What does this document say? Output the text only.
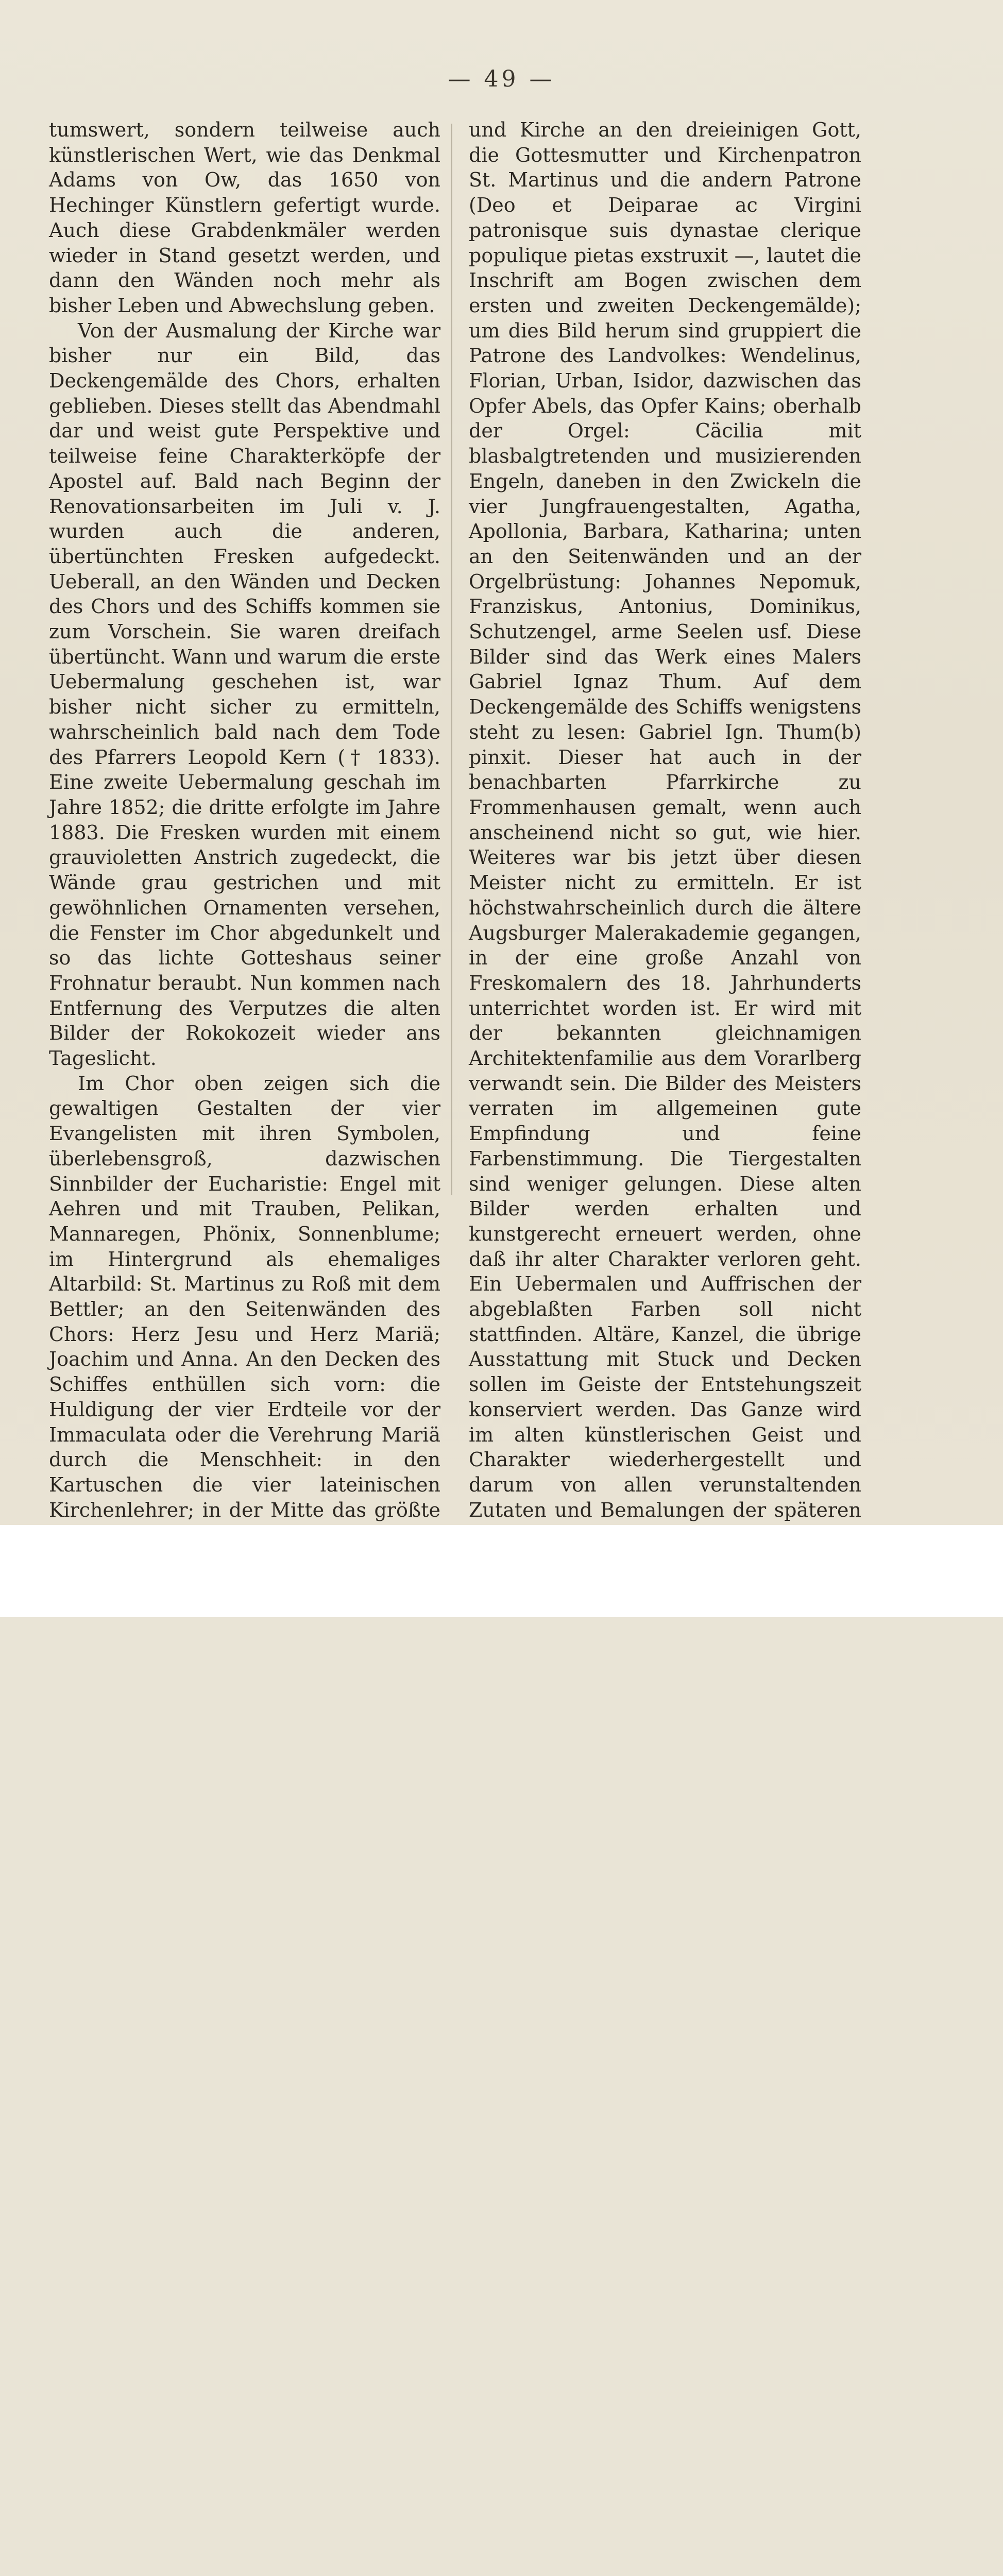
— 49 —

tumswert, sondern teilweise auch künstlerischen Wert, wie das Denkmal Adams von Ow, das 1650 von Hechinger Künstlern gefertigt wurde. Auch diese Grabdenkmäler werden wieder in Stand gesetzt werden, und dann den Wänden noch mehr als bisher Leben und Abwechslung geben.

Von der Ausmalung der Kirche war bisher nur ein Bild, das Deckengemälde des Chors, erhalten geblieben. Dieses stellt das Abendmahl dar und weist gute Perspektive und teilweise feine Charakterköpfe der Apostel auf. Bald nach Beginn der Renovationsarbeiten im Juli v. J. wurden auch die anderen, übertünchten Fresken aufgedeckt. Ueberall, an den Wänden und Decken des Chors und des Schiffs kommen sie zum Vorschein. Sie waren dreifach übertüncht. Wann und warum die erste Uebermalung geschehen ist, war bisher nicht sicher zu ermitteln, wahrscheinlich bald nach dem Tode des Pfarrers Leopold Kern († 1833). Eine zweite Uebermalung geschah im Jahre 1852; die dritte erfolgte im Jahre 1883. Die Fresken wurden mit einem grauvioletten Anstrich zugedeckt, die Wände grau gestrichen und mit gewöhnlichen Ornamenten versehen, die Fenster im Chor abgedunkelt und so das lichte Gotteshaus seiner Frohnatur beraubt. Nun kommen nach Entfernung des Verputzes die alten Bilder der Rokokozeit wieder ans Tageslicht.

Im Chor oben zeigen sich die gewaltigen Gestalten der vier Evangelisten mit ihren Symbolen, überlebensgroß, dazwischen Sinnbilder der Eucharistie: Engel mit Aehren und mit Trauben, Pelikan, Mannaregen, Phönix, Sonnenblume; im Hintergrund als ehemaliges Altarbild: St. Martinus zu Roß mit dem Bettler; an den Seitenwänden des Chors: Herz Jesu und Herz Mariä; Joachim und Anna. An den Decken des Schiffes enthüllen sich vorn: die Huldigung der vier Erdteile vor der Immaculata oder die Verehrung Mariä durch die Menschheit: in den Kartuschen die vier lateinischen Kirchenlehrer; in der Mitte das größte

und Kirche an den dreieinigen Gott, die Gottesmutter und Kirchenpatron St. Martinus und die andern Patrone (Deo et Deiparae ac Virgini patronisque suis dynastae clerique populique pietas exstruxit —, lautet die Inschrift am Bogen zwischen dem ersten und zweiten Deckengemälde); um dies Bild herum sind gruppiert die Patrone des Landvolkes: Wendelinus, Florian, Urban, Isidor, dazwischen das Opfer Abels, das Opfer Kains; oberhalb der Orgel: Cäcilia mit blasbalgtretenden und musizierenden Engeln, daneben in den Zwickeln die vier Jungfrauengestalten, Agatha, Apollonia, Barbara, Katharina; unten an den Seitenwänden und an der Orgelbrüstung: Johannes Nepomuk, Franziskus, Antonius, Dominikus, Schutzengel, arme Seelen usf. Diese Bilder sind das Werk eines Malers Gabriel Ignaz Thum. Auf dem Deckengemälde des Schiffs wenigstens steht zu lesen: Gabriel Ign. Thum(b) pinxit. Dieser hat auch in der benachbarten Pfarrkirche zu Frommenhausen gemalt, wenn auch anscheinend nicht so gut, wie hier. Weiteres war bis jetzt über diesen Meister nicht zu ermitteln. Er ist höchstwahrscheinlich durch die ältere Augsburger Malerakademie gegangen, in der eine große Anzahl von Freskomalern des 18. Jahrhunderts unterrichtet worden ist. Er wird mit der bekannten gleichnamigen Architektenfamilie aus dem Vorarlberg verwandt sein. Die Bilder des Meisters verraten im allgemeinen gute Empfindung und feine Farbenstimmung. Die Tiergestalten sind weniger gelungen. Diese alten Bilder werden erhalten und kunstgerecht erneuert werden, ohne daß ihr alter Charakter verloren geht. Ein Uebermalen und Auffrischen der abgeblaßten Farben soll nicht stattfinden. Altäre, Kanzel, die übrige Ausstattung mit Stuck und Decken sollen im Geiste der Entstehungszeit konserviert werden. Das Ganze wird im alten künstlerischen Geist und Charakter wiederhergestellt und darum von allen verunstaltenden Zutaten und Bemalungen der späteren
